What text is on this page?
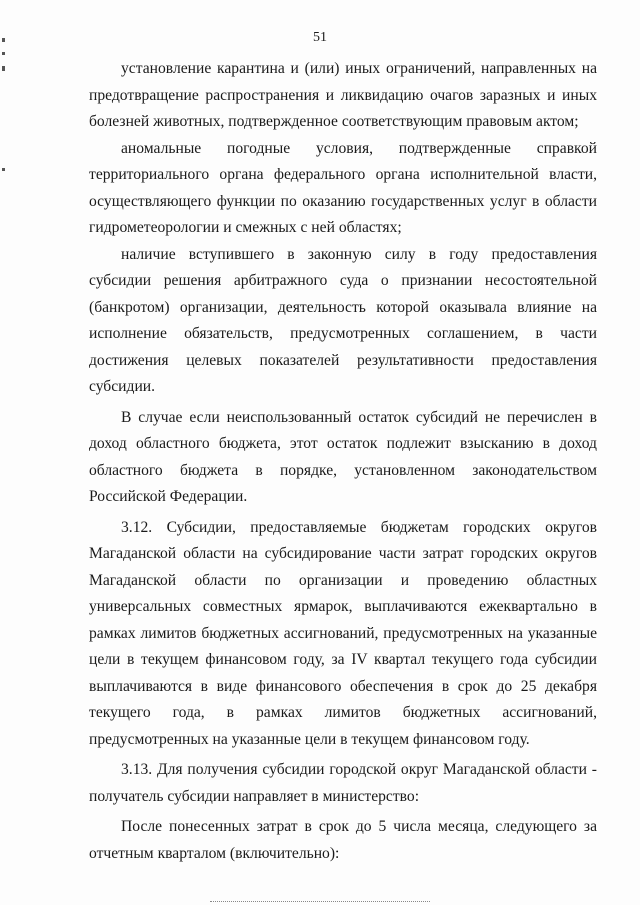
51

установление карантина и (или) иных ограничений, направленных на предотвращение распространения и ликвидацию очагов заразных и иных болезней животных, подтвержденное соответствующим правовым актом;

аномальные погодные условия, подтвержденные справкой территориального органа федерального органа исполнительной власти, осуществляющего функции по оказанию государственных услуг в области гидрометеорологии и смежных с ней областях;

наличие вступившего в законную силу в году предоставления субсидии решения арбитражного суда о признании несостоятельной (банкротом) организации, деятельность которой оказывала влияние на исполнение обязательств, предусмотренных соглашением, в части достижения целевых показателей результативности предоставления субсидии.

В случае если неиспользованный остаток субсидий не перечислен в доход областного бюджета, этот остаток подлежит взысканию в доход областного бюджета в порядке, установленном законодательством Российской Федерации.

3.12. Субсидии, предоставляемые бюджетам городских округов Магаданской области на субсидирование части затрат городских округов Магаданской области по организации и проведению областных универсальных совместных ярмарок, выплачиваются ежеквартально в рамках лимитов бюджетных ассигнований, предусмотренных на указанные цели в текущем финансовом году, за IV квартал текущего года субсидии выплачиваются в виде финансового обеспечения в срок до 25 декабря текущего года, в рамках лимитов бюджетных ассигнований, предусмотренных на указанные цели в текущем финансовом году.

3.13. Для получения субсидии городской округ Магаданской области - получатель субсидии направляет в министерство:

После понесенных затрат в срок до 5 числа месяца, следующего за отчетным кварталом (включительно):
